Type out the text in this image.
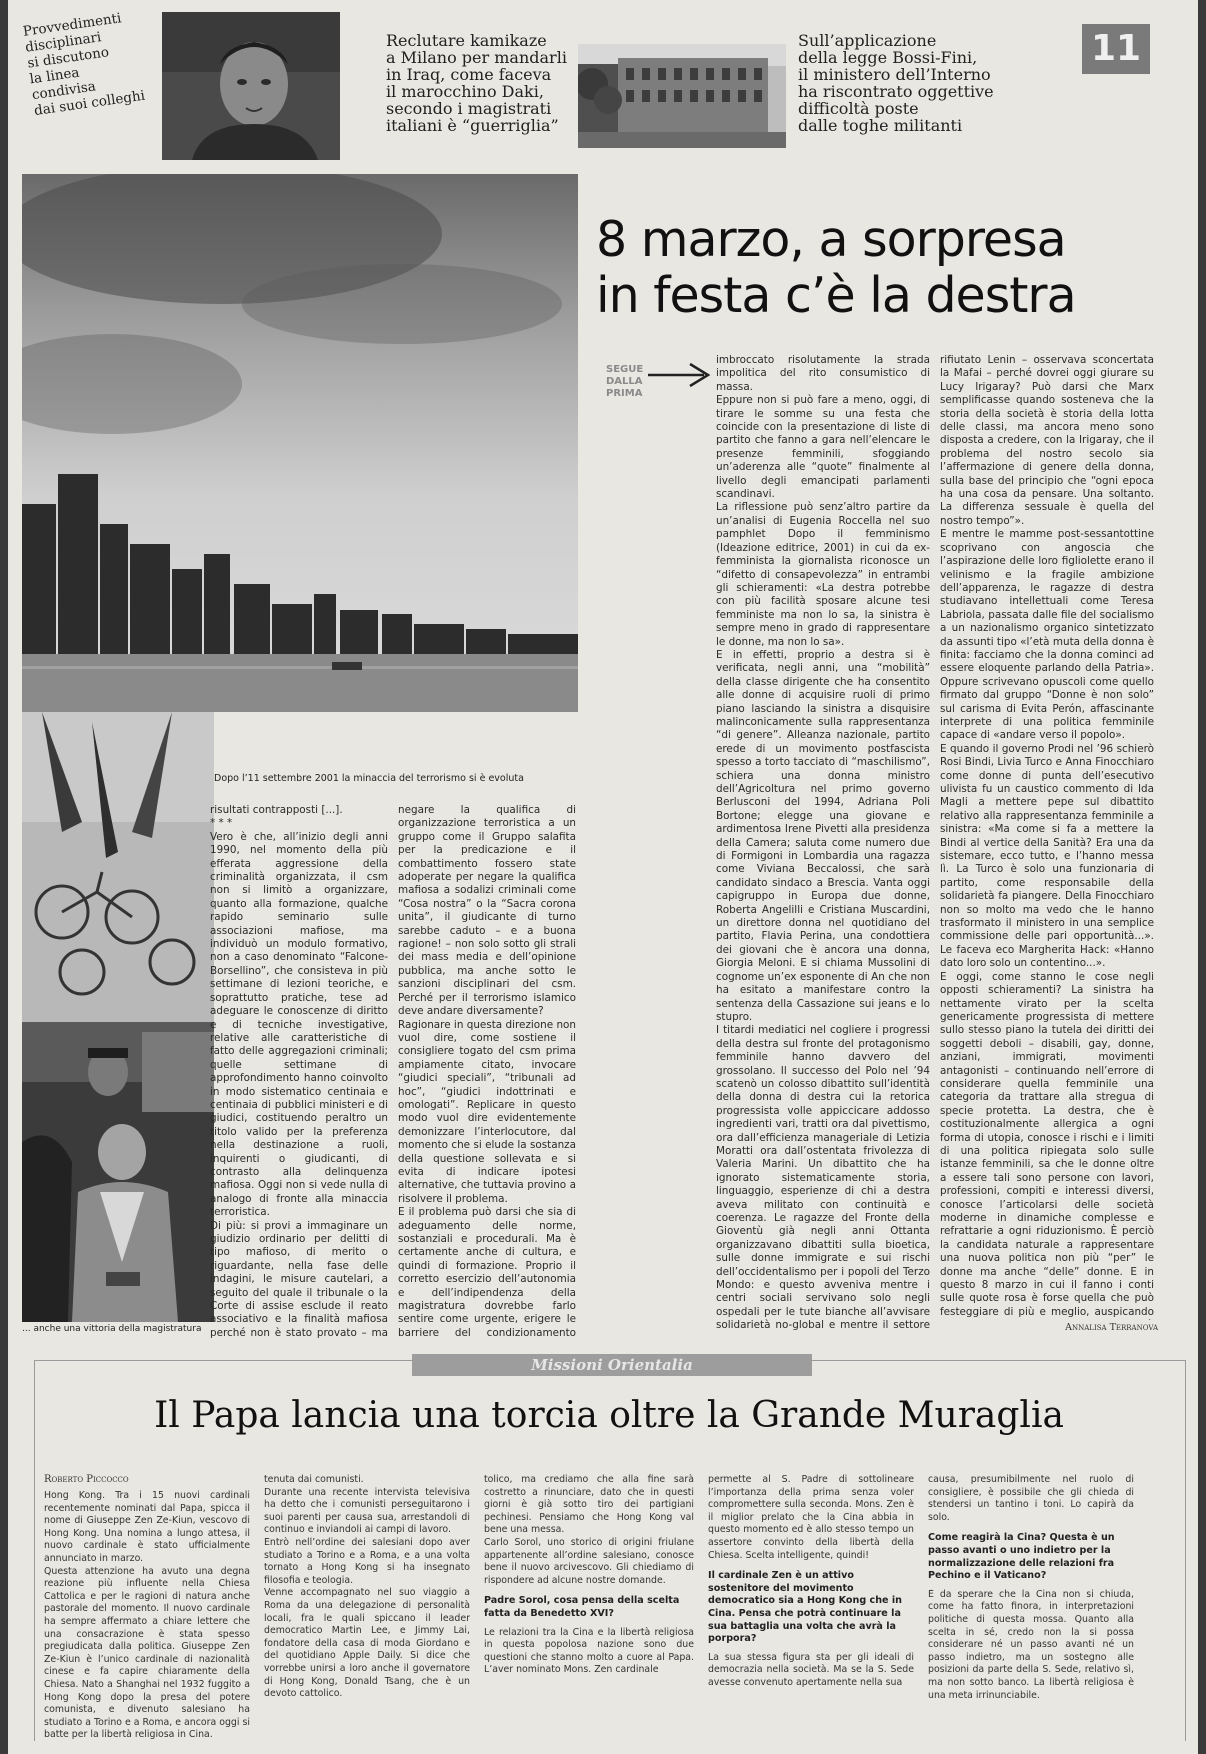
Provvedimenti
disciplinari
si discutono
la linea
condivisa
dai suoi colleghi
Reclutare kamikaze
a Milano per mandarli
in Iraq, come faceva
il marocchino Daki,
secondo i magistrati
italiani è “guerriglia”
Sull’applicazione
della legge Bossi-Fini,
il ministero dell’Interno
ha riscontrato oggettive
difficoltà poste
dalle toghe militanti
11
Dopo l’11 settembre 2001 la minaccia del terrorismo si è evoluta
... anche una vittoria della magistratura
risultati contrapposti [...].
* * *
Vero è che, all’inizio degli anni 1990, nel momento della più efferata aggressione della criminalità organizzata, il csm non si limitò a organizzare, quanto alla formazione, qualche rapido seminario sulle associazioni mafiose, ma individuò un modulo formativo, non a caso denominato “Falcone-Borsellino”, che consisteva in più settimane di lezioni teoriche, e soprattutto pratiche, tese ad adeguare le conoscenze di diritto e di tecniche investigative, relative alle caratteristiche di fatto delle aggregazioni criminali; quelle settimane di approfondimento hanno coinvolto in modo sistematico centinaia e centinaia di pubblici ministeri e di giudici, costituendo peraltro un titolo valido per la preferenza nella destinazione a ruoli, inquirenti o giudicanti, di contrasto alla delinquenza mafiosa. Oggi non si vede nulla di analogo di fronte alla minaccia terroristica.
Di più: si provi a immaginare un giudizio ordinario per delitti di tipo mafioso, di merito o riguardante, nella fase delle indagini, le misure cautelari, a seguito del quale il tribunale o la Corte di assise esclude il reato associativo e la finalità mafiosa perché non è stato provato – ma
negare la qualifica di organizzazione terroristica a un gruppo come il Gruppo salafita per la predicazione e il combattimento fossero state adoperate per negare la qualifica mafiosa a sodalizi criminali come “Cosa nostra” o la “Sacra corona unita”, il giudicante di turno sarebbe caduto – e a buona ragione! – non solo sotto gli strali dei mass media e dell’opinione pubblica, ma anche sotto le sanzioni disciplinari del csm. Perché per il terrorismo islamico deve andare diversamente?
Ragionare in questa direzione non vuol dire, come sostiene il consigliere togato del csm prima ampiamente citato, invocare “giudici speciali”, “tribunali ad hoc”, “giudici indottrinati e omologati”. Replicare in questo modo vuol dire evidentemente demonizzare l’interlocutore, dal momento che si elude la sostanza della questione sollevata e si evita di indicare ipotesi alternative, che tuttavia provino a risolvere il problema.
E il problema può darsi che sia di adeguamento delle norme, sostanziali e procedurali. Ma è certamente anche di cultura, e quindi di formazione. Proprio il corretto esercizio dell’autonomia e dell’indipendenza della magistratura dovrebbe farlo sentire come urgente, erigere le barriere del condizionamento
8 marzo, a sorpresa
in festa c’è la destra
SEGUE
DALLA
PRIMA
imbroccato risolutamente la strada impolitica del rito consumistico di massa.
Eppure non si può fare a meno, oggi, di tirare le somme su una festa che coincide con la presentazione di liste di partito che fanno a gara nell’elencare le presenze femminili, sfoggiando un’aderenza alle “quote” finalmente al livello degli emancipati parlamenti scandinavi.
La riflessione può senz’altro partire da un’analisi di Eugenia Roccella nel suo pamphlet Dopo il femminismo (Ideazione editrice, 2001) in cui da ex-femminista la giornalista riconosce un “difetto di consapevolezza” in entrambi gli schieramenti: «La destra potrebbe con più facilità sposare alcune tesi femministe ma non lo sa, la sinistra è sempre meno in grado di rappresentare le donne, ma non lo sa».
E in effetti, proprio a destra si è verificata, negli anni, una “mobilità” della classe dirigente che ha consentito alle donne di acquisire ruoli di primo piano lasciando la sinistra a disquisire malinconicamente sulla rappresentanza “di genere”. Alleanza nazionale, partito erede di un movimento postfascista spesso a torto tacciato di “maschilismo”, schiera una donna ministro dell’Agricoltura nel primo governo Berlusconi del 1994, Adriana Poli Bortone; elegge una giovane e ardimentosa Irene Pivetti alla presidenza della Camera; saluta come numero due di Formigoni in Lombardia una ragazza come Viviana Beccalossi, che sarà candidato sindaco a Brescia. Vanta oggi capigruppo in Europa due donne, Roberta Angelilli e Cristiana Muscardini, un direttore donna nel quotidiano del partito, Flavia Perina, una condottiera dei giovani che è ancora una donna, Giorgia Meloni. E si chiama Mussolini di cognome un’ex esponente di An che non ha esitato a manifestare contro la sentenza della Cassazione sui jeans e lo stupro.
I titardi mediatici nel cogliere i progressi della destra sul fronte del protagonismo femminile hanno davvero del grossolano. Il successo del Polo nel ’94 scatenò un colosso dibattito sull’identità della donna di destra cui la retorica progressista volle appiccicare addosso ingredienti vari, tratti ora dal pivettismo, ora dall’efficienza manageriale di Letizia Moratti ora dall’ostentata frivolezza di Valeria Marini. Un dibattito che ha ignorato sistematicamente storia, linguaggio, esperienze di chi a destra aveva militato con continuità e coerenza. Le ragazze del Fronte della Gioventù già negli anni Ottanta organizzavano dibattiti sulla bioetica, sulle donne immigrate e sui rischi dell’occidentalismo per i popoli del Terzo Mondo: e questo avveniva mentre i centri sociali servivano solo negli ospedali per le tute bianche all’avvisare solidarietà no-global e mentre il settore

rifiutato Lenin – osservava sconcertata la Mafai – perché dovrei oggi giurare su Lucy Irigaray? Può darsi che Marx semplificasse quando sosteneva che la storia della società è storia della lotta delle classi, ma ancora meno sono disposta a credere, con la Irigaray, che il problema del nostro secolo sia l’affermazione di genere della donna, sulla base del principio che “ogni epoca ha una cosa da pensare. Una soltanto. La differenza sessuale è quella del nostro tempo”».
E mentre le mamme post-sessantottine scoprivano con angoscia che l’aspirazione delle loro figliolette erano il velinismo e la fragile ambizione dell’apparenza, le ragazze di destra studiavano intellettuali come Teresa Labriola, passata dalle file del socialismo a un nazionalismo organico sintetizzato da assunti tipo «l’età muta della donna è finita: facciamo che la donna cominci ad essere eloquente parlando della Patria». Oppure scrivevano opuscoli come quello firmato dal gruppo “Donne è non solo” sul carisma di Evita Perón, affascinante interprete di una politica femminile capace di «andare verso il popolo».
E quando il governo Prodi nel ’96 schierò Rosi Bindi, Livia Turco e Anna Finocchiaro come donne di punta dell’esecutivo ulivista fu un caustico commento di Ida Magli a mettere pepe sul dibattito relativo alla rappresentanza femminile a sinistra: «Ma come si fa a mettere la Bindi al vertice della Sanità? Era una da sistemare, ecco tutto, e l’hanno messa lì. La Turco è solo una funzionaria di partito, come responsabile della solidarietà fa piangere. Della Finocchiaro non so molto ma vedo che le hanno trasformato il ministero in una semplice commissione delle pari opportunità...». Le faceva eco Margherita Hack: «Hanno dato loro solo un contentino...».
E oggi, come stanno le cose negli opposti schieramenti? La sinistra ha nettamente virato per la scelta genericamente progressista di mettere sullo stesso piano la tutela dei diritti dei soggetti deboli – disabili, gay, donne, anziani, immigrati, movimenti antagonisti – continuando nell’errore di considerare quella femminile una categoria da trattare alla stregua di specie protetta. La destra, che è costituzionalmente allergica a ogni forma di utopia, conosce i rischi e i limiti di una politica ripiegata solo sulle istanze femminili, sa che le donne oltre a essere tali sono persone con lavori, professioni, compiti e interessi diversi, conosce l’articolarsi delle società moderne in dinamiche complesse e refrattarie a ogni riduzionismo. È perciò la candidata naturale a rappresentare una nuova politica non più “per” le donne ma anche “delle” donne. E in questo 8 marzo in cui il fanno i conti sulle quote rosa è forse quella che può festeggiare di più e meglio, auspicando
Annalisa Terranova
Missioni Orientalia
Il Papa lancia una torcia oltre la Grande Muraglia
Roberto Piccocco
Hong Kong. Tra i 15 nuovi cardinali recentemente nominati dal Papa, spicca il nome di Giuseppe Zen Ze-Kiun, vescovo di Hong Kong. Una nomina a lungo attesa, il nuovo cardinale è stato ufficialmente annunciato in marzo.
Questa attenzione ha avuto una degna reazione più influente nella Chiesa Cattolica e per le ragioni di natura anche pastorale del momento. Il nuovo cardinale ha sempre affermato a chiare lettere che una consacrazione è stata spesso pregiudicata dalla politica. Giuseppe Zen Ze-Kiun è l’unico cardinale di nazionalità cinese e fa capire chiaramente della Chiesa. Nato a Shanghai nel 1932 fuggito a Hong Kong dopo la presa del potere comunista, e divenuto salesiano ha studiato a Torino e a Roma, e ancora oggi si batte per la libertà religiosa in Cina.
tenuta dai comunisti.
Durante una recente intervista televisiva ha detto che i comunisti perseguitarono i suoi parenti per causa sua, arrestandoli di continuo e inviandoli ai campi di lavoro.
Entrò nell’ordine dei salesiani dopo aver studiato a Torino e a Roma, e a una volta tornato a Hong Kong si ha insegnato filosofia e teologia.
Venne accompagnato nel suo viaggio a Roma da una delegazione di personalità locali, fra le quali spiccano il leader democratico Martin Lee, e Jimmy Lai, fondatore della casa di moda Giordano e del quotidiano Apple Daily. Si dice che vorrebbe unirsi a loro anche il governatore di Hong Kong, Donald Tsang, che è un devoto cattolico.
tolico, ma crediamo che alla fine sarà costretto a rinunciare, dato che in questi giorni è già sotto tiro dei partigiani pechinesi. Pensiamo che Hong Kong val bene una messa.
Carlo Sorol, uno storico di origini friulane appartenente all’ordine salesiano, conosce bene il nuovo arcivescovo. Gli chiediamo di rispondere ad alcune nostre domande.
Padre Sorol, cosa pensa della scelta fatta da Benedetto XVI?
Le relazioni tra la Cina e la libertà religiosa in questa popolosa nazione sono due questioni che stanno molto a cuore al Papa. L’aver nominato Mons. Zen cardinale
permette al S. Padre di sottolineare l’importanza della prima senza voler compromettere sulla seconda. Mons. Zen è il miglior prelato che la Cina abbia in questo momento ed è allo stesso tempo un assertore convinto della libertà della Chiesa. Scelta intelligente, quindi!
Il cardinale Zen è un attivo sostenitore del movimento democratico sia a Hong Kong che in Cina. Pensa che potrà continuare la sua battaglia una volta che avrà la porpora?
La sua stessa figura sta per gli ideali di democrazia nella società. Ma se la S. Sede avesse convenuto apertamente nella sua
causa, presumibilmente nel ruolo di consigliere, è possibile che gli chieda di stendersi un tantino i toni. Lo capirà da solo.
Come reagirà la Cina? Questa è un passo avanti o uno indietro per la normalizzazione delle relazioni fra Pechino e il Vaticano?
È da sperare che la Cina non si chiuda, come ha fatto finora, in interpretazioni politiche di questa mossa. Quanto alla scelta in sé, credo non la si possa considerare né un passo avanti né un passo indietro, ma un sostegno alle posizioni da parte della S. Sede, relativo sì, ma non sotto banco. La libertà religiosa è una meta irrinunciabile.
